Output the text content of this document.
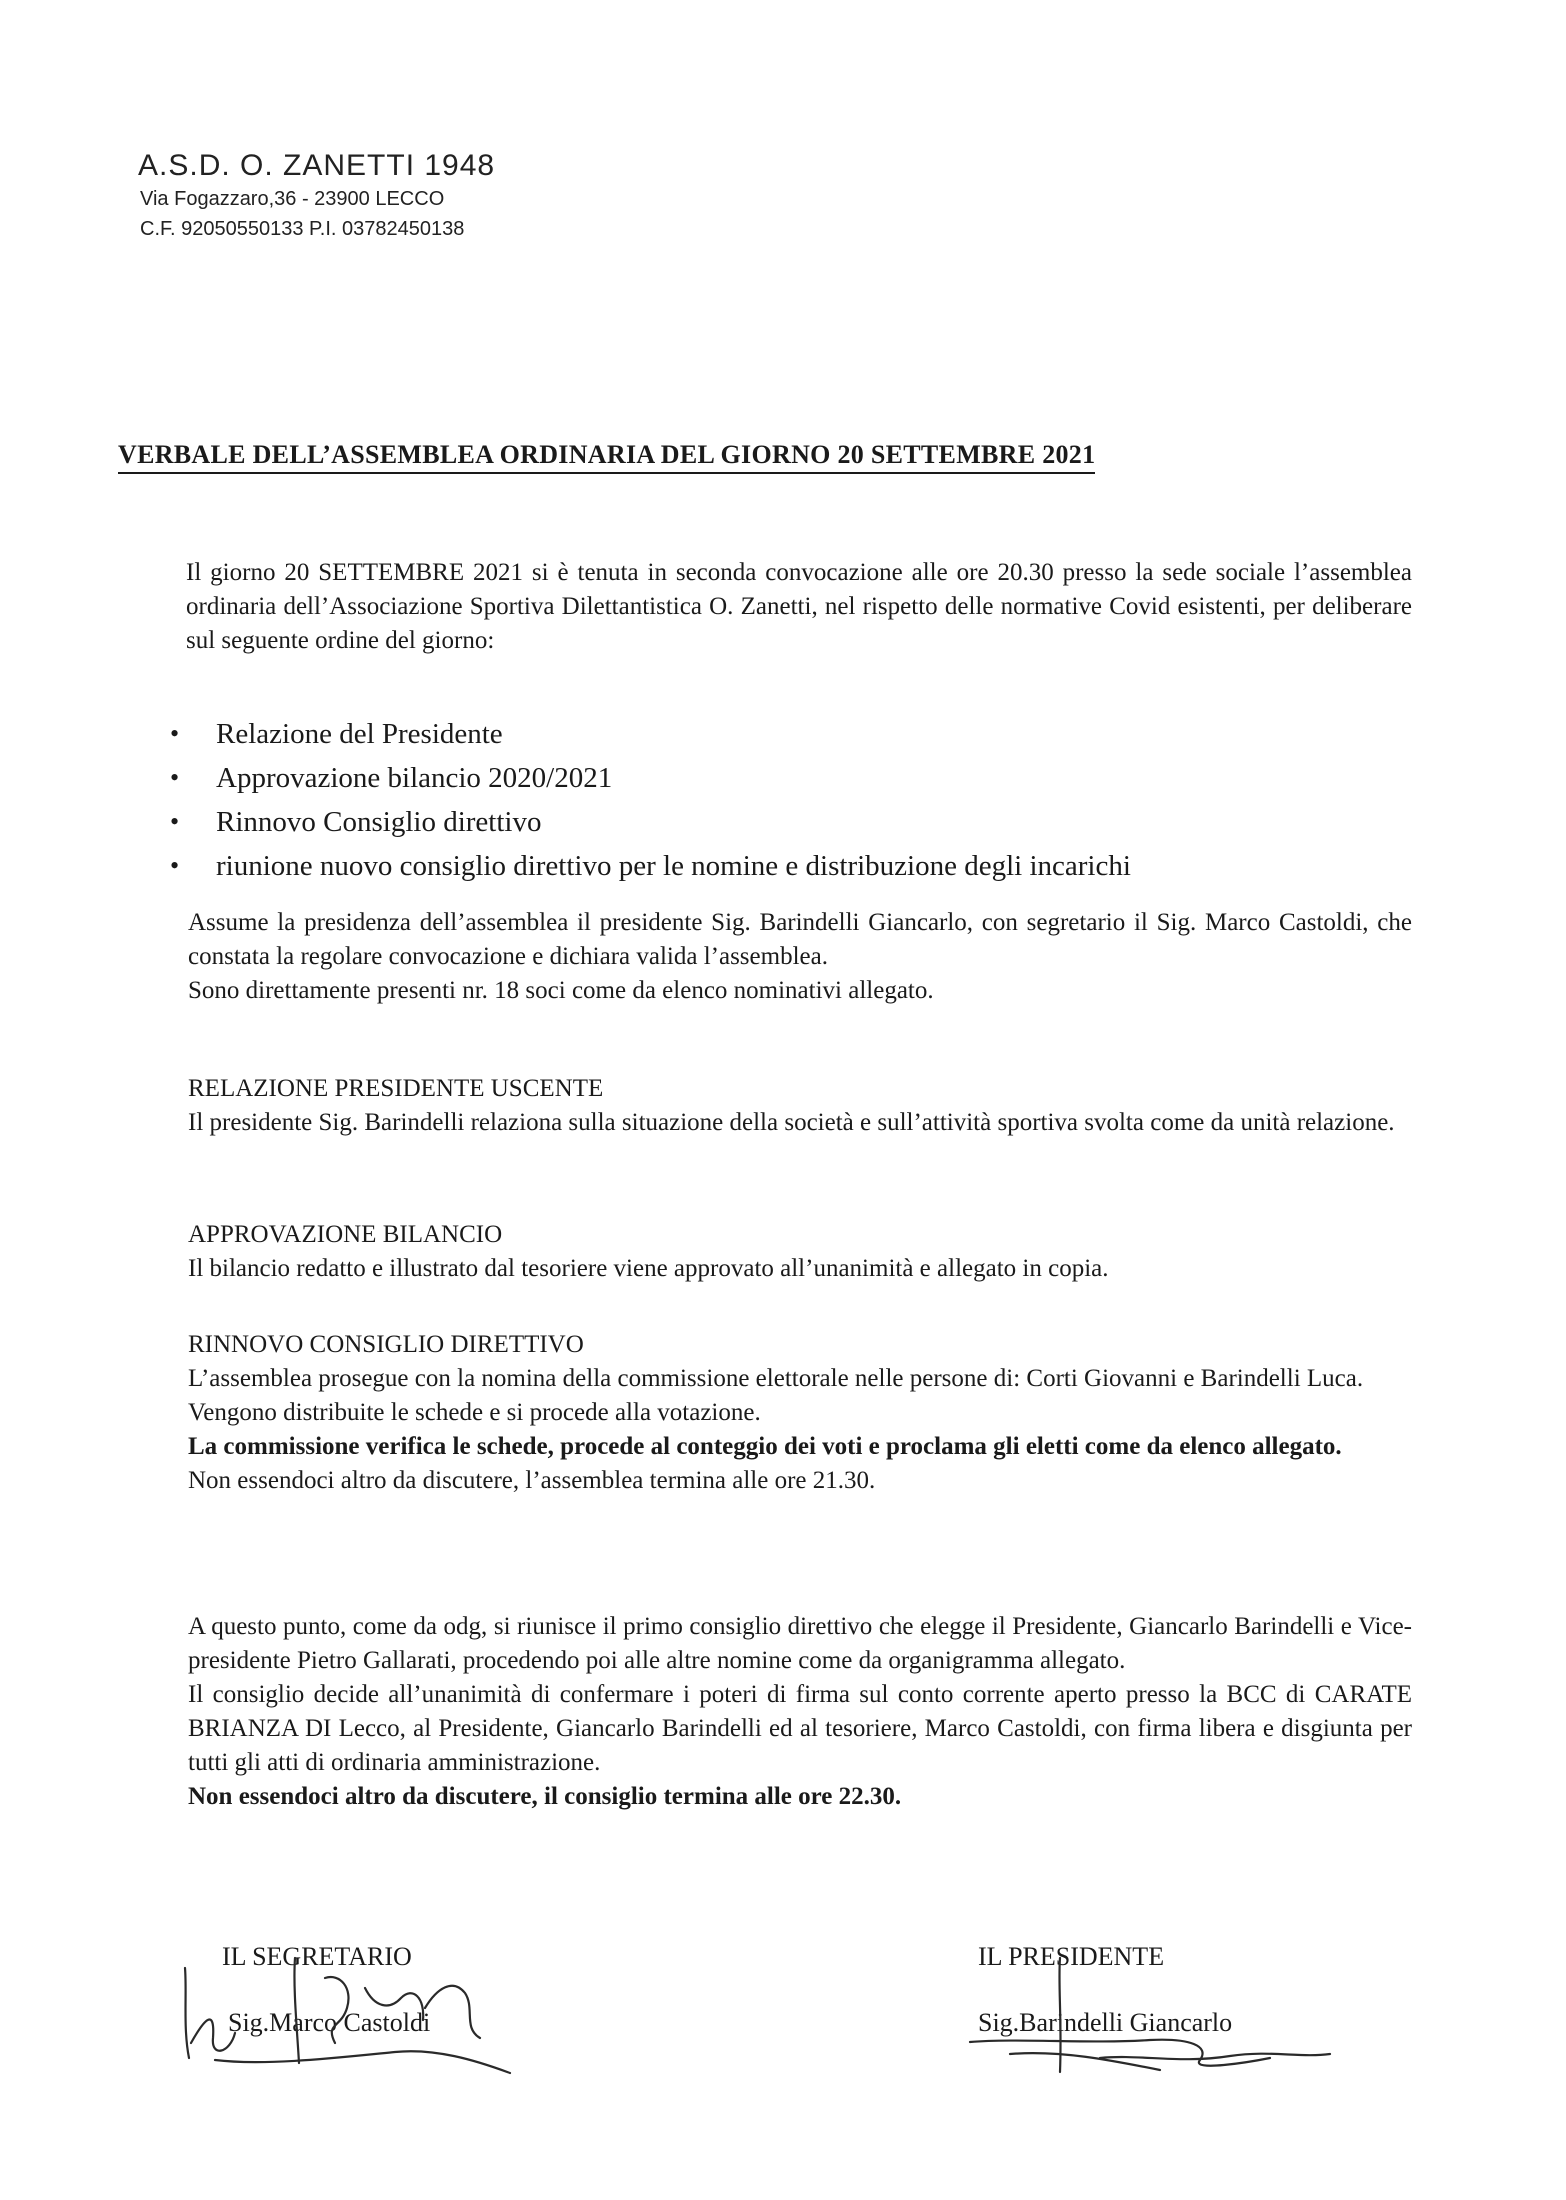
A.S.D. O. ZANETTI 1948
Via Fogazzaro,36 - 23900 LECCO
C.F. 92050550133 P.I. 03782450138
VERBALE DELL’ASSEMBLEA ORDINARIA DEL GIORNO 20 SETTEMBRE 2021

Il giorno 20 SETTEMBRE 2021 si è tenuta in seconda convocazione alle ore 20.30 presso la sede sociale l’assemblea ordinaria dell’Associazione Sportiva Dilettantistica O. Zanetti, nel rispetto delle normative Covid esistenti, per deliberare sul seguente ordine del giorno:

• Relazione del Presidente
• Approvazione bilancio 2020/2021
• Rinnovo Consiglio direttivo
• riunione nuovo consiglio direttivo per le nomine e distribuzione degli incarichi

Assume la presidenza dell’assemblea il presidente Sig. Barindelli Giancarlo, con segretario il Sig. Marco Castoldi, che constata la regolare convocazione e dichiara valida l’assemblea.

Sono direttamente presenti nr. 18 soci come da elenco nominativi allegato.

RELAZIONE PRESIDENTE USCENTE

Il presidente Sig. Barindelli relaziona sulla situazione della società e sull’attività sportiva svolta come da unità relazione.

APPROVAZIONE BILANCIO

Il bilancio redatto e illustrato dal tesoriere viene approvato all’unanimità e allegato in copia.

RINNOVO CONSIGLIO DIRETTIVO

L’assemblea prosegue con la nomina della commissione elettorale nelle persone di: Corti Giovanni e Barindelli Luca.

Vengono distribuite le schede e si procede alla votazione.

La commissione verifica le schede, procede al conteggio dei voti e proclama gli eletti come da elenco allegato.

Non essendoci altro da discutere, l’assemblea termina alle ore 21.30.

A questo punto, come da odg, si riunisce il primo consiglio direttivo che elegge il Presidente, Giancarlo Barindelli e Vice-presidente Pietro Gallarati, procedendo poi alle altre nomine come da organigramma allegato.

Il consiglio decide all’unanimità di confermare i poteri di firma sul conto corrente aperto presso la BCC di CARATE BRIANZA DI Lecco, al Presidente, Giancarlo Barindelli ed al tesoriere, Marco Castoldi, con firma libera e disgiunta per tutti gli atti di ordinaria amministrazione.

Non essendoci altro da discutere, il consiglio termina alle ore 22.30.

IL SEGRETARIO
Sig.Marco Castoldi
IL PRESIDENTE
Sig.Barindelli Giancarlo
